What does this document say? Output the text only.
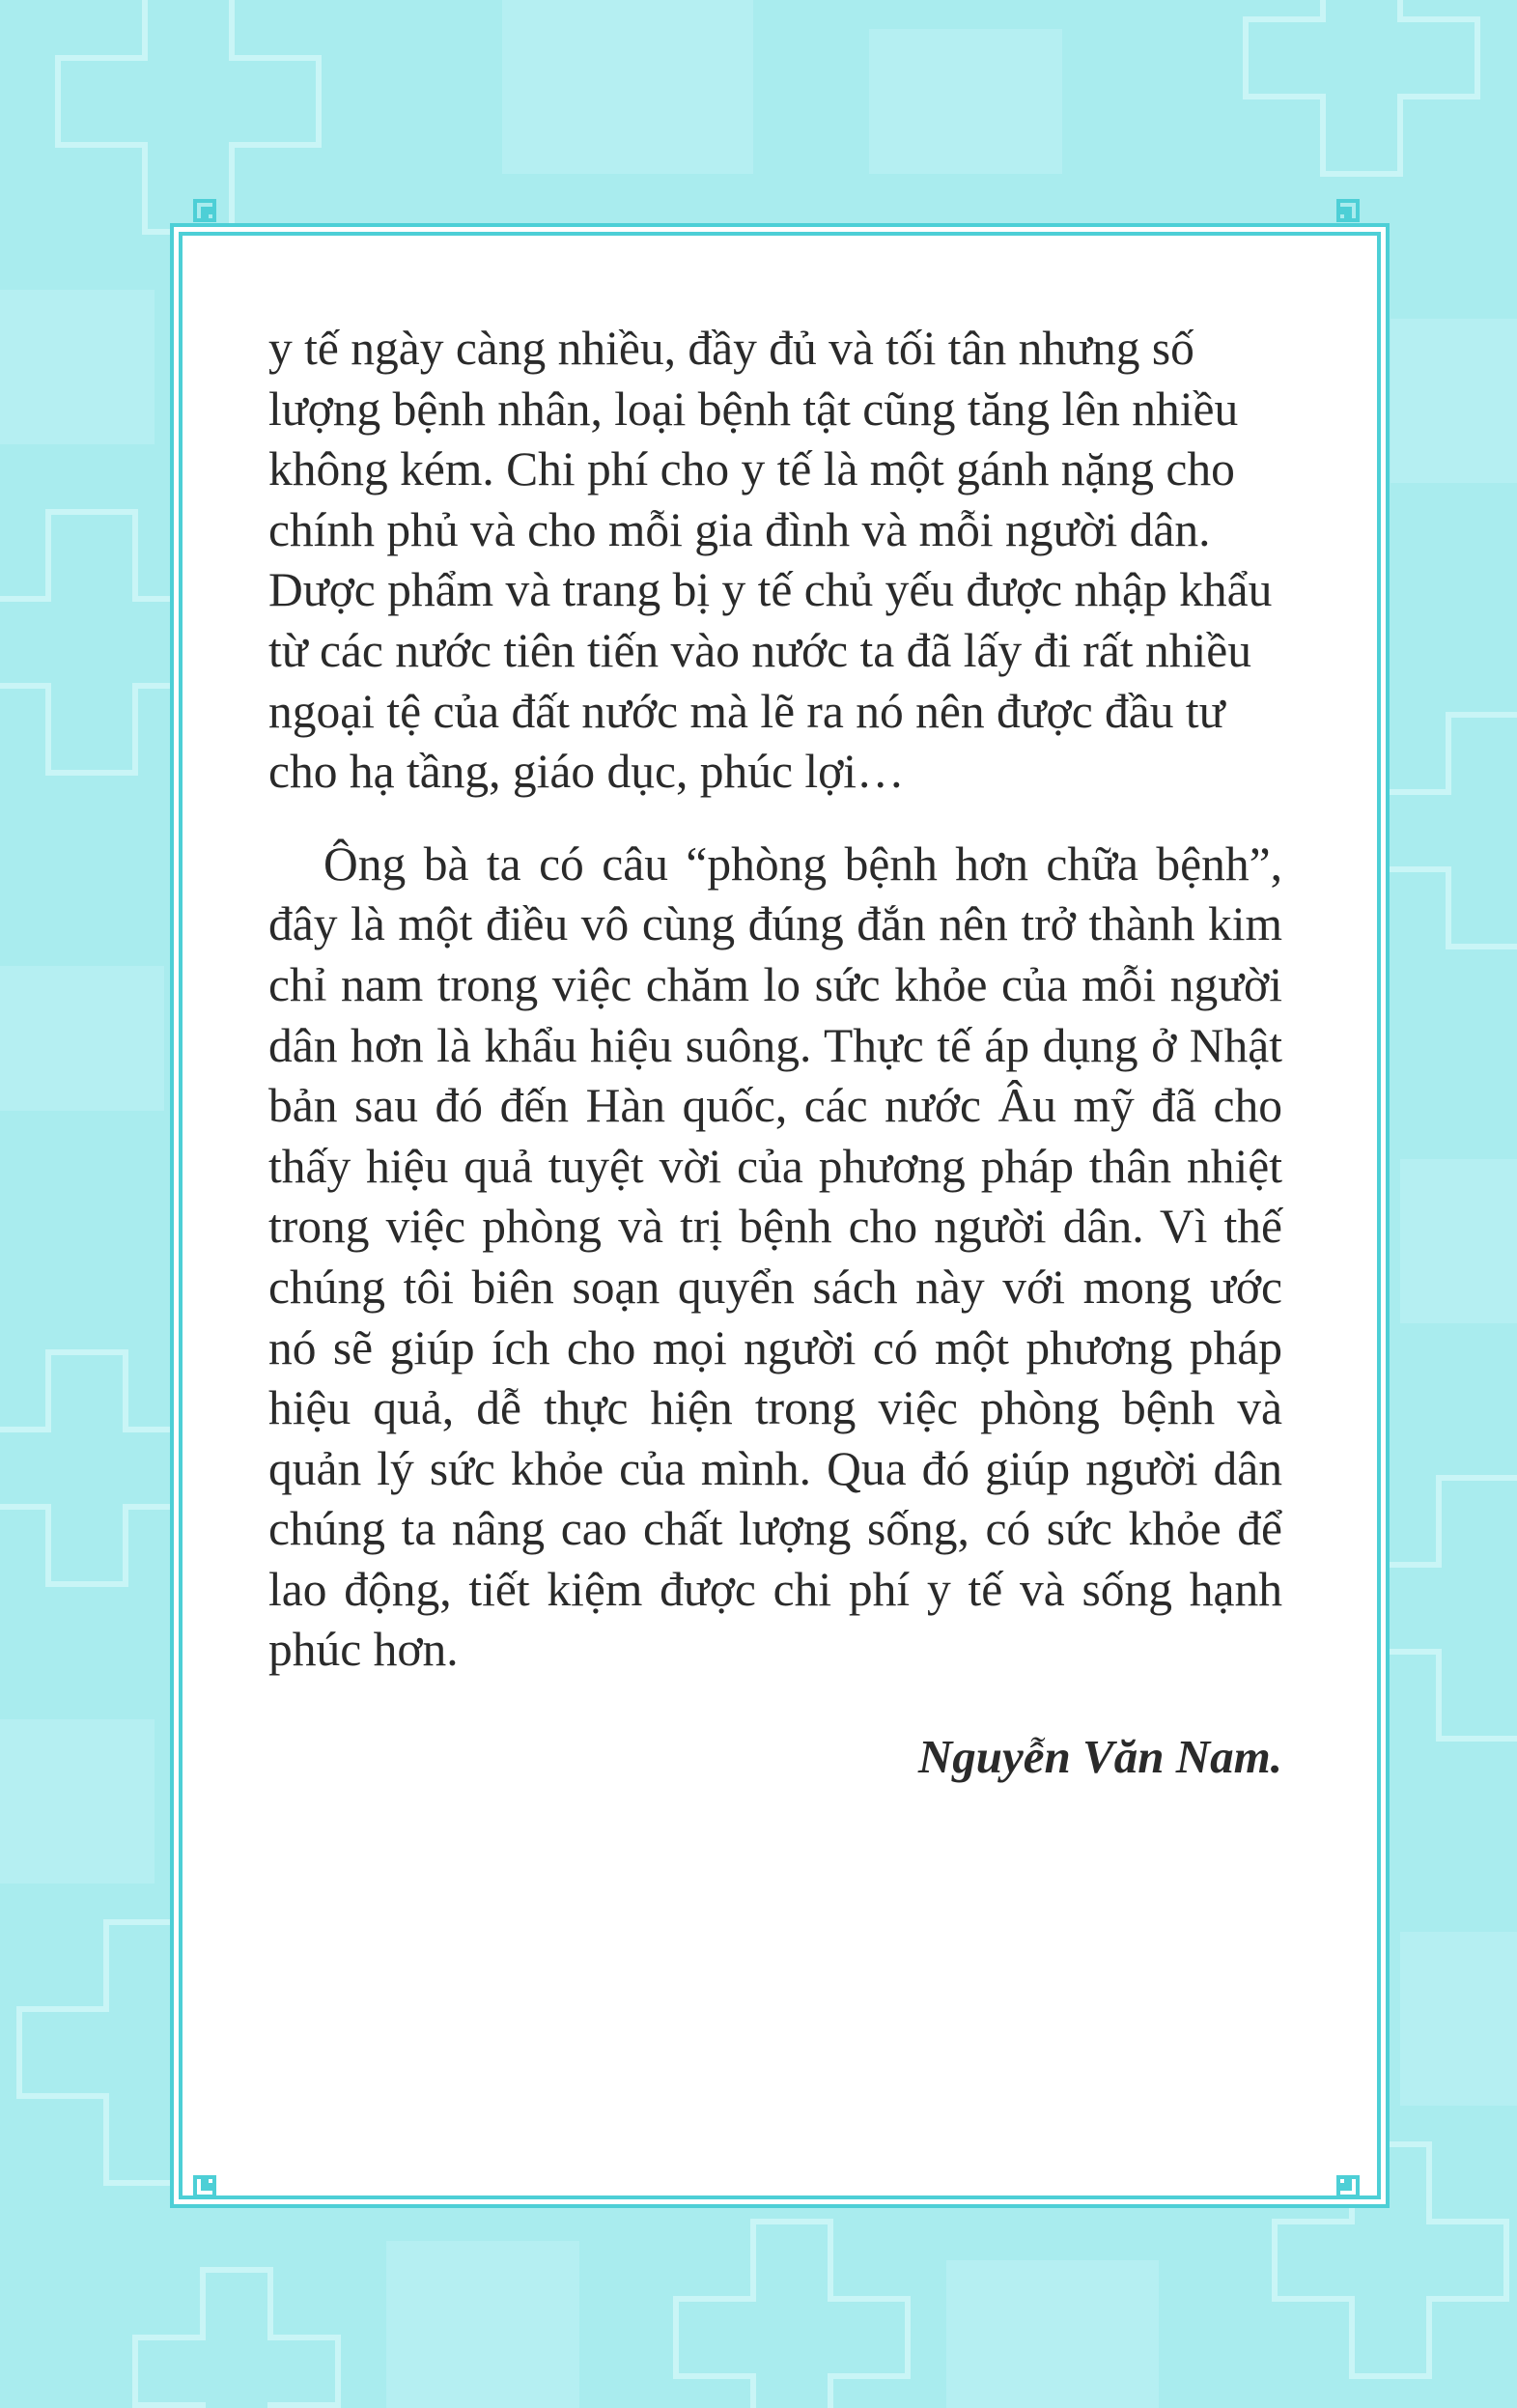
y tế ngày càng nhiều, đầy đủ và tối tân nhưng số lượng bệnh nhân, loại bệnh tật cũng tăng lên nhiều không kém. Chi phí cho y tế là một gánh nặng cho chính phủ và cho mỗi gia đình và mỗi người dân. Dược phẩm và trang bị y tế chủ yếu được nhập khẩu từ các nước tiên tiến vào nước ta đã lấy đi rất nhiều ngoại tệ của đất nước mà lẽ ra nó nên được đầu tư cho hạ tầng, giáo dục, phúc lợi…
Ông bà ta có câu “phòng bệnh hơn chữa bệnh”, đây là một điều vô cùng đúng đắn nên trở thành kim chỉ nam trong việc chăm lo sức khỏe của mỗi người dân hơn là khẩu hiệu suông. Thực tế áp dụng ở Nhật bản sau đó đến Hàn quốc, các nước Âu mỹ đã cho thấy hiệu quả tuyệt vời của phương pháp thân nhiệt trong việc phòng và trị bệnh cho người dân. Vì thế chúng tôi biên soạn quyển sách này với mong ước nó sẽ giúp ích cho mọi người có một phương pháp hiệu quả, dễ thực hiện trong việc phòng bệnh và quản lý sức khỏe của mình. Qua đó giúp người dân chúng ta nâng cao chất lượng sống, có sức khỏe để lao động, tiết kiệm được chi phí y tế và sống hạnh phúc hơn.

Nguyễn Văn Nam.
